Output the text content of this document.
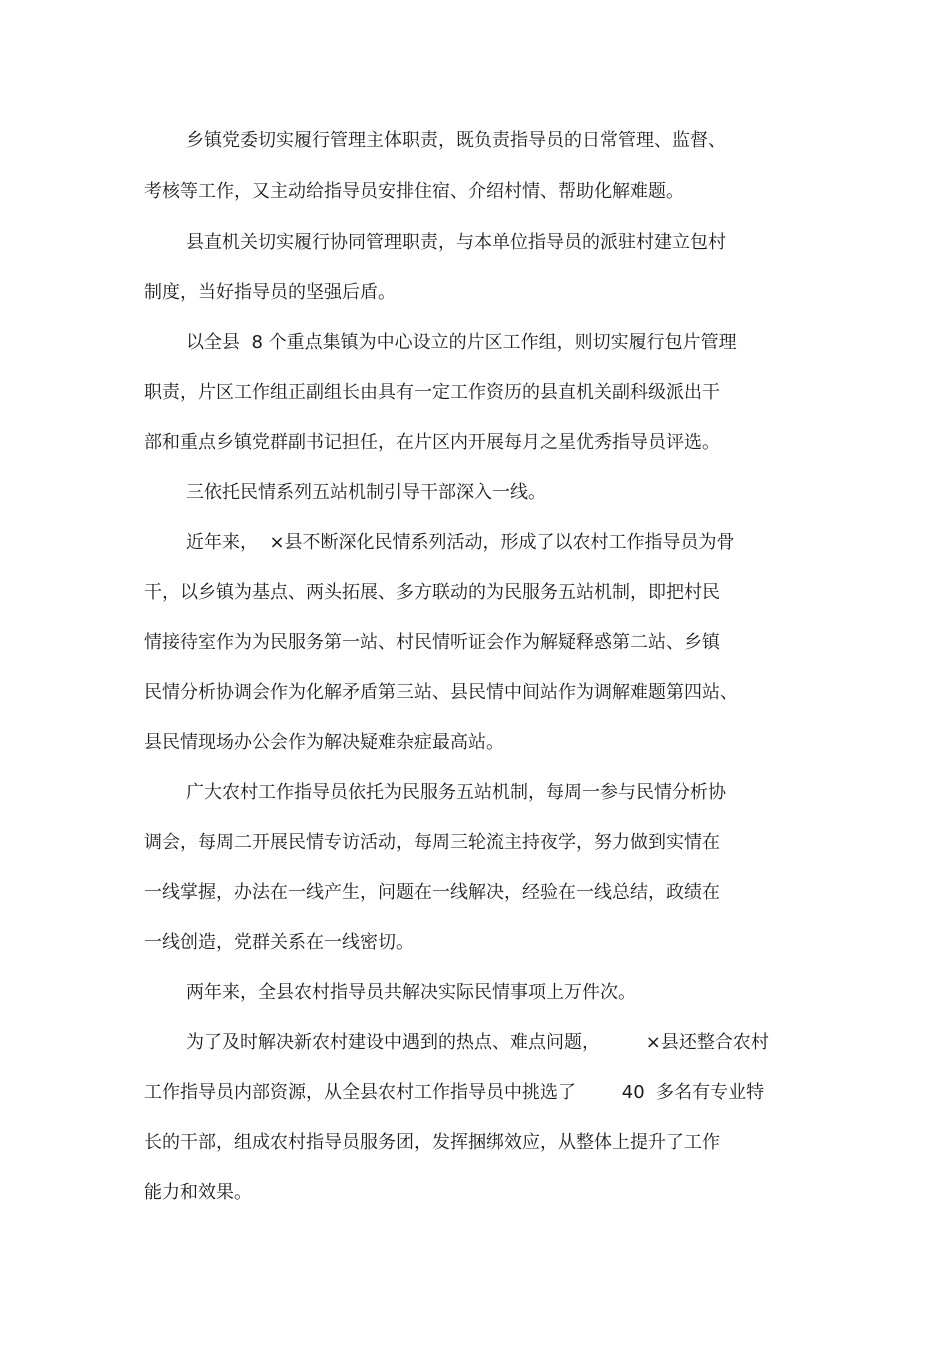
乡镇党委切实履行管理主体职责，既负责指导员的日常管理、监督、
考核等工作，又主动给指导员安排住宿、介绍村情、帮助化解难题。
县直机关切实履行协同管理职责，与本单位指导员的派驻村建立包村
制度，当好指导员的坚强后盾。
以全县  8 个重点集镇为中心设立的片区工作组，则切实履行包片管理
职责，片区工作组正副组长由具有一定工作资历的县直机关副科级派出干
部和重点乡镇党群副书记担任，在片区内开展每月之星优秀指导员评选。
三依托民情系列五站机制引导干部深入一线。
近年来，  ×县不断深化民情系列活动，形成了以农村工作指导员为骨
干，以乡镇为基点、两头拓展、多方联动的为民服务五站机制，即把村民
情接待室作为为民服务第一站、村民情听证会作为解疑释惑第二站、乡镇
民情分析协调会作为化解矛盾第三站、县民情中间站作为调解难题第四站、
县民情现场办公会作为解决疑难杂症最高站。
广大农村工作指导员依托为民服务五站机制，每周一参与民情分析协
调会，每周二开展民情专访活动，每周三轮流主持夜学，努力做到实情在
一线掌握，办法在一线产生，问题在一线解决，经验在一线总结，政绩在
一线创造，党群关系在一线密切。
两年来，全县农村指导员共解决实际民情事项上万件次。
为了及时解决新农村建设中遇到的热点、难点问题，        ×县还整合农村
工作指导员内部资源，从全县农村工作指导员中挑选了        40  多名有专业特
长的干部，组成农村指导员服务团，发挥捆绑效应，从整体上提升了工作
能力和效果。
